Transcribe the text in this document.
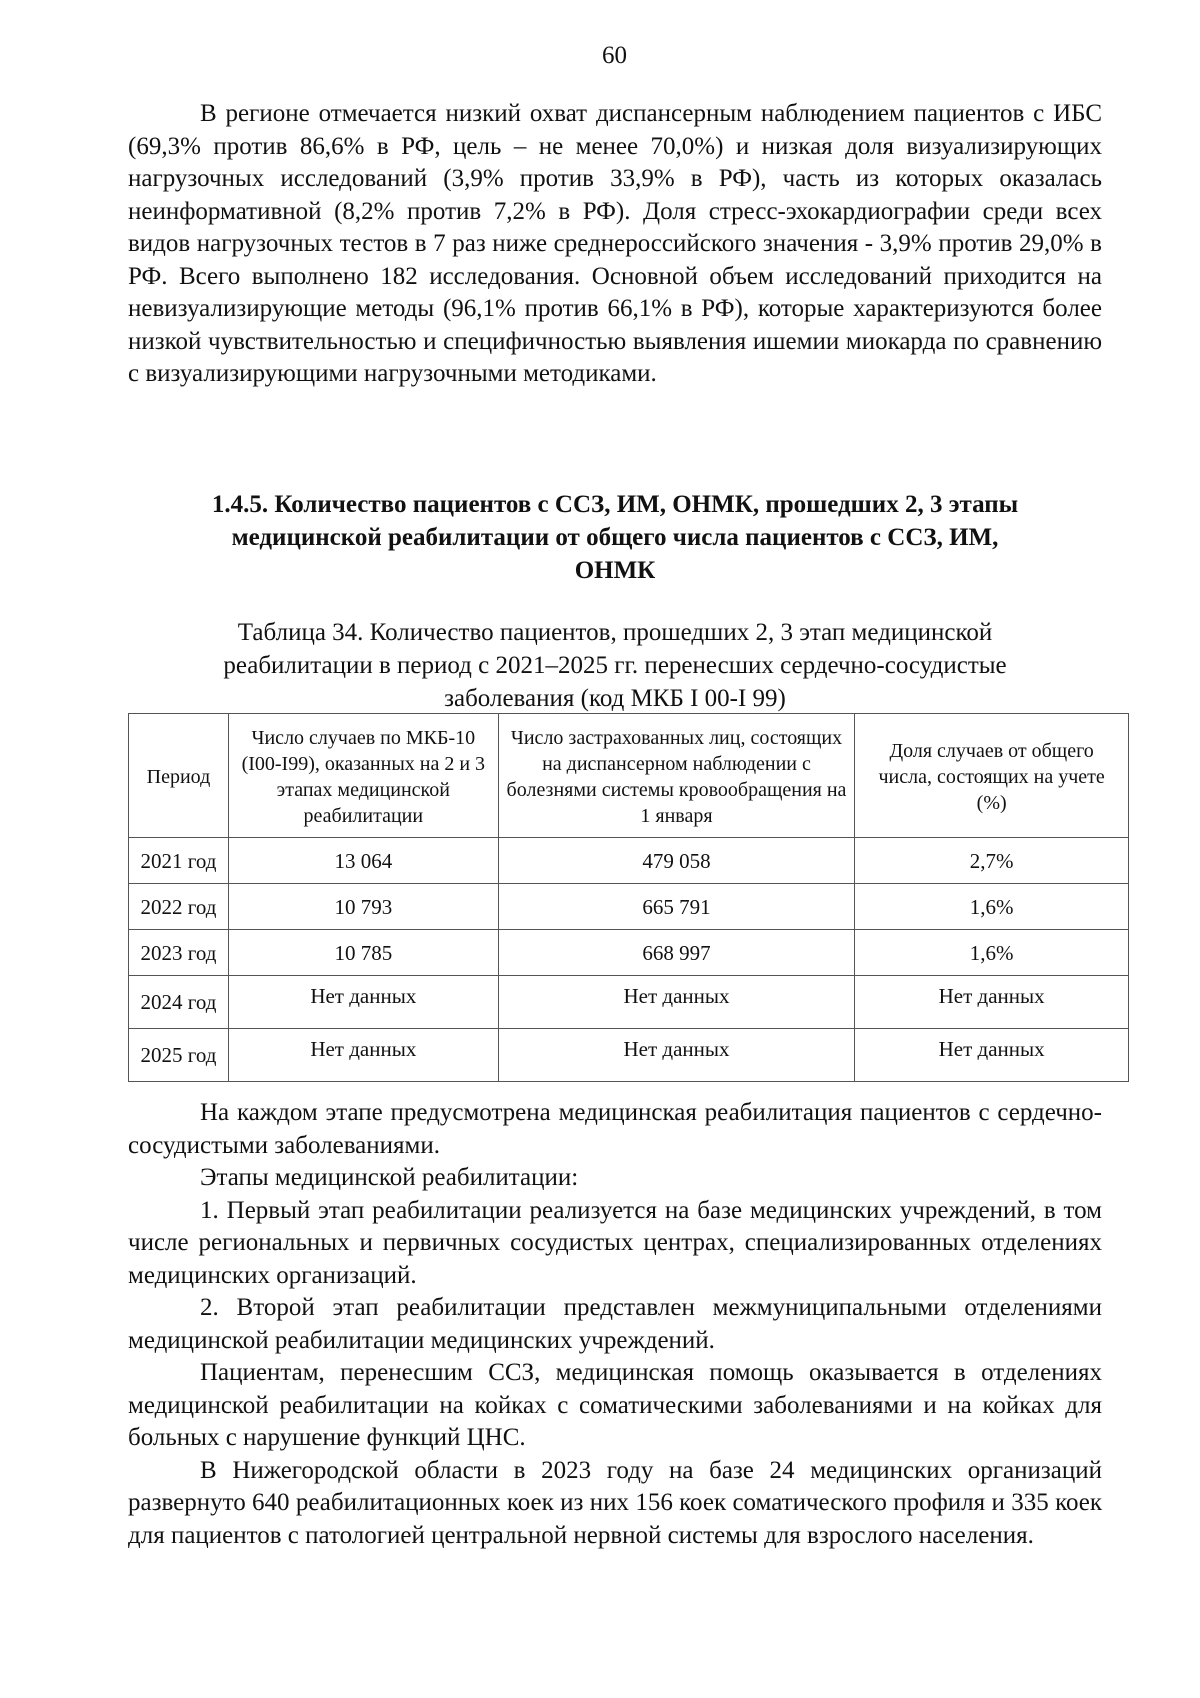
60

В регионе отмечается низкий охват диспансерным наблюдением пациентов с ИБС (69,3% против 86,6% в РФ, цель – не менее 70,0%) и низкая доля визуализирующих нагрузочных исследований (3,9% против 33,9% в РФ), часть из которых оказалась неинформативной (8,2% против 7,2% в РФ). Доля стресс-эхокардиографии среди всех видов нагрузочных тестов в 7 раз ниже среднероссийского значения - 3,9% против 29,0% в РФ. Всего выполнено 182 исследования. Основной объем исследований приходится на невизуализирующие методы (96,1% против 66,1% в РФ), которые характеризуются более низкой чувствительностью и специфичностью выявления ишемии миокарда по сравнению с визуализирующими нагрузочными методиками.

1.4.5. Количество пациентов с ССЗ, ИМ, ОНМК, прошедших 2, 3 этапы
медицинской реабилитации от общего числа пациентов с ССЗ, ИМ,
ОНМК
Таблица 34. Количество пациентов, прошедших 2, 3 этап медицинской
реабилитации в период с 2021–2025 гг. перенесших сердечно-сосудистые
заболевания (код МКБ I 00-I 99)
Период	Число случаев по МКБ-10 (I00-I99), оказанных на 2 и 3 этапах медицинской реабилитации	Число застрахованных лиц, состоящих на диспансерном наблюдении с болезнями системы кровообращения на 1 января	Доля случаев от общего числа, состоящих на учете (%)
2021 год	13 064	479 058	2,7%
2022 год	10 793	665 791	1,6%
2023 год	10 785	668 997	1,6%
2024 год	Нет данных	Нет данных	Нет данных
2025 год	Нет данных	Нет данных	Нет данных

На каждом этапе предусмотрена медицинская реабилитация пациентов с сердечно-сосудистыми заболеваниями.

Этапы медицинской реабилитации:

1. Первый этап реабилитации реализуется на базе медицинских учреждений, в том числе региональных и первичных сосудистых центрах, специализированных отделениях медицинских организаций.

2. Второй этап реабилитации представлен межмуниципальными отделениями медицинской реабилитации медицинских учреждений.

Пациентам, перенесшим ССЗ, медицинская помощь оказывается в отделениях медицинской реабилитации на койках с соматическими заболеваниями и на койках для больных с нарушение функций ЦНС.

В Нижегородской области в 2023 году на базе 24 медицинских организаций развернуто 640 реабилитационных коек из них 156 коек соматического профиля и 335 коек для пациентов с патологией центральной нервной системы для взрослого населения.
